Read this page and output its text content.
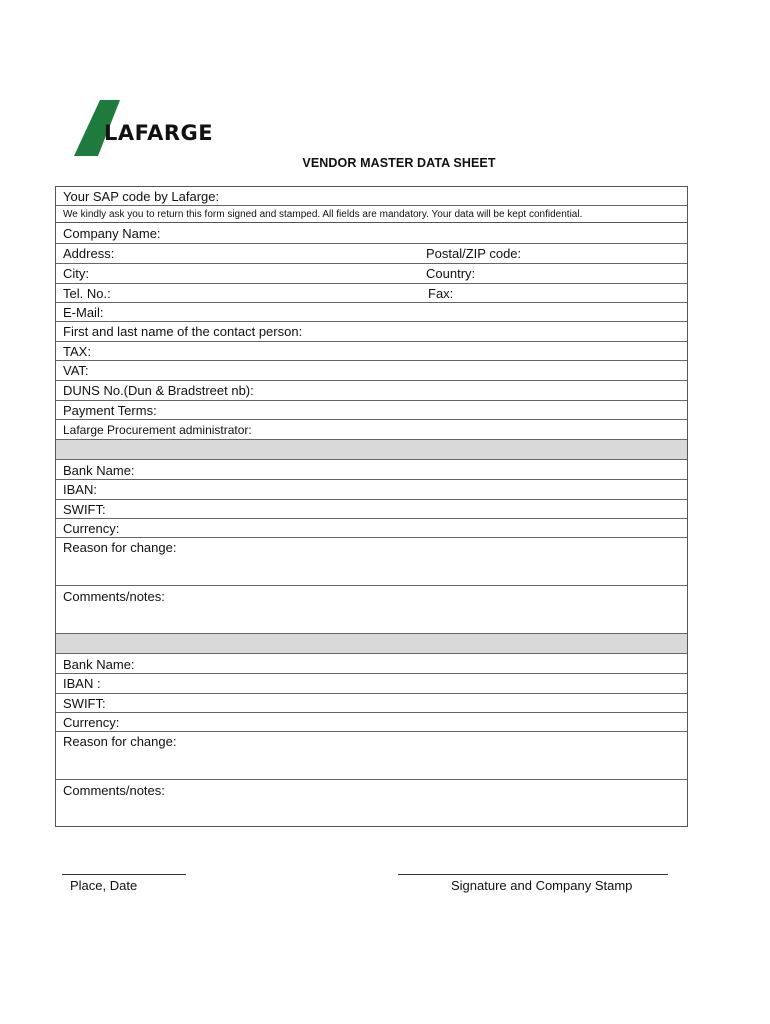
LAFARGE
VENDOR MASTER DATA SHEET
Your SAP code by Lafarge:
We kindly ask you to return this form signed and stamped. All fields are mandatory. Your data will be kept confidential.
Company Name:
Address:	Postal/ZIP code:
City:	Country:
Tel. No.:	Fax:
E-Mail:
First and last name of the contact person:
TAX:
VAT:
DUNS No.(Dun & Bradstreet nb):
Payment Terms:
Lafarge Procurement administrator:
Bank Name:
IBAN:
SWIFT:
Currency:
Reason for change:
Comments/notes:
Bank Name:
IBAN :
SWIFT:
Currency:
Reason for change:
Comments/notes:
Place, Date	Signature and Company Stamp
